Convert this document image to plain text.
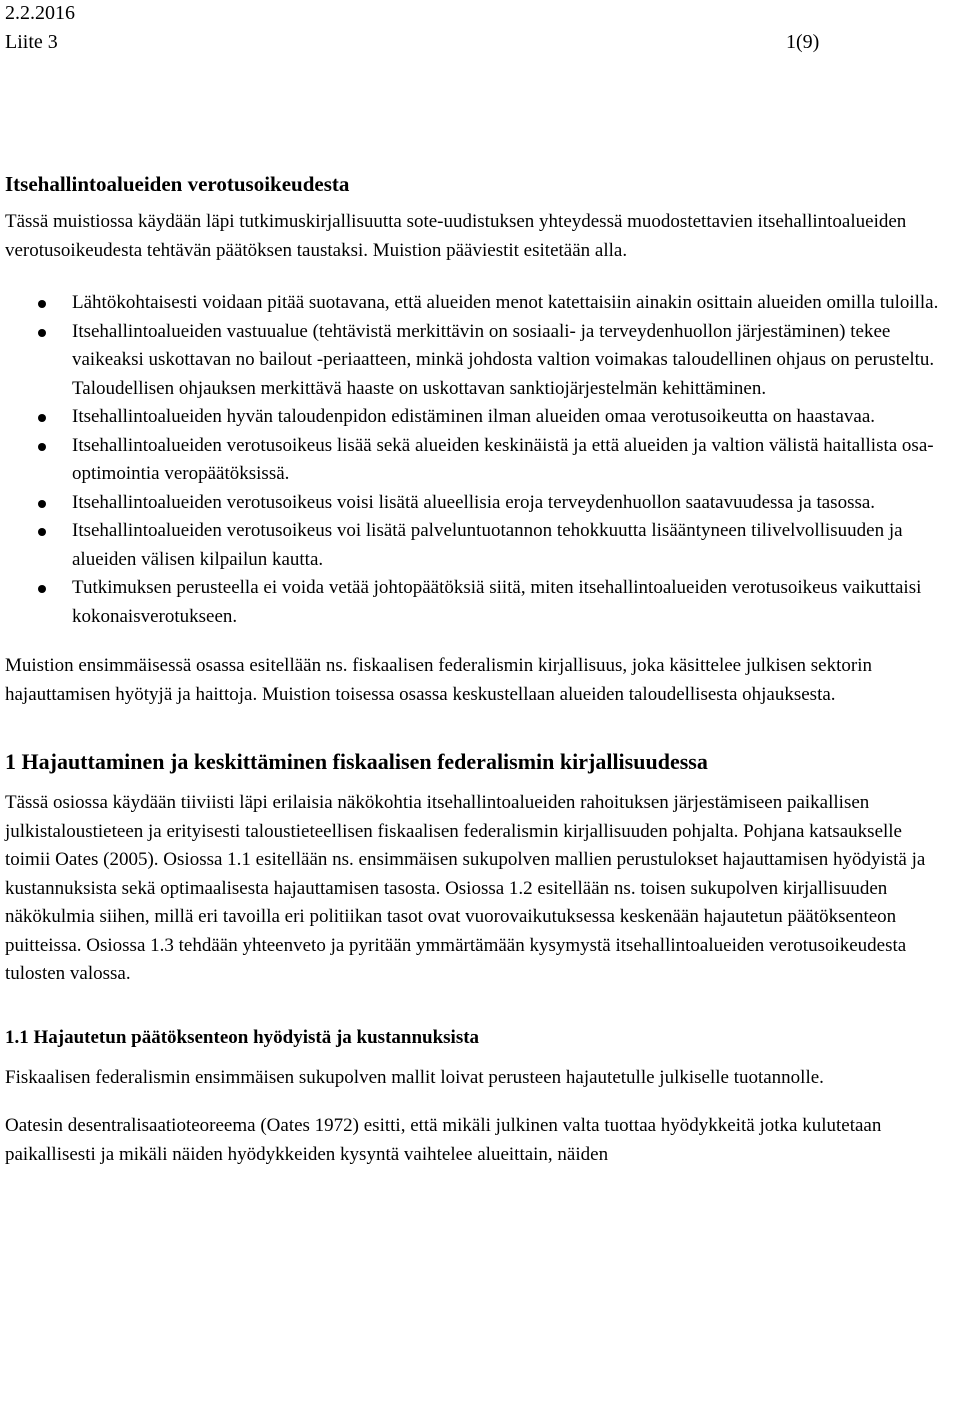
2.2.2016
Liite 3	1(9)
Itsehallintoalueiden verotusoikeudesta

Tässä muistiossa käydään läpi tutkimuskirjallisuutta sote-uudistuksen yhteydessä muodostettavien itsehallintoalueiden verotusoikeudesta tehtävän päätöksen taustaksi. Muistion pääviestit esitetään alla.

Lähtökohtaisesti voidaan pitää suotavana, että alueiden menot katettaisiin ainakin osittain alueiden omilla tuloilla.
Itsehallintoalueiden vastuualue (tehtävistä merkittävin on sosiaali- ja terveydenhuollon järjestäminen) tekee vaikeaksi uskottavan no bailout -periaatteen, minkä johdosta valtion voimakas taloudellinen ohjaus on perusteltu. Taloudellisen ohjauksen merkittävä haaste on uskottavan sanktiojärjestelmän kehittäminen.
Itsehallintoalueiden hyvän taloudenpidon edistäminen ilman alueiden omaa verotusoikeutta on haastavaa.
Itsehallintoalueiden verotusoikeus lisää sekä alueiden keskinäistä ja että alueiden ja valtion välistä haitallista osa-optimointia veropäätöksissä.
Itsehallintoalueiden verotusoikeus voisi lisätä alueellisia eroja terveydenhuollon saatavuudessa ja tasossa.
Itsehallintoalueiden verotusoikeus voi lisätä palveluntuotannon tehokkuutta lisääntyneen tilivelvollisuuden ja alueiden välisen kilpailun kautta.
Tutkimuksen perusteella ei voida vetää johtopäätöksiä siitä, miten itsehallintoalueiden verotusoikeus vaikuttaisi kokonaisverotukseen.

Muistion ensimmäisessä osassa esitellään ns. fiskaalisen federalismin kirjallisuus, joka käsittelee julkisen sektorin hajauttamisen hyötyjä ja haittoja. Muistion toisessa osassa keskustellaan alueiden taloudellisesta ohjauksesta.

1 Hajauttaminen ja keskittäminen fiskaalisen federalismin kirjallisuudessa

Tässä osiossa käydään tiiviisti läpi erilaisia näkökohtia itsehallintoalueiden rahoituksen järjestämiseen paikallisen julkistaloustieteen ja erityisesti taloustieteellisen fiskaalisen federalismin kirjallisuuden pohjalta. Pohjana katsaukselle toimii Oates (2005). Osiossa 1.1 esitellään ns. ensimmäisen sukupolven mallien perustulokset hajauttamisen hyödyistä ja kustannuksista sekä optimaalisesta hajauttamisen tasosta. Osiossa 1.2 esitellään ns. toisen sukupolven kirjallisuuden näkökulmia siihen, millä eri tavoilla eri politiikan tasot ovat vuorovaikutuksessa keskenään hajautetun päätöksenteon puitteissa. Osiossa 1.3 tehdään yhteenveto ja pyritään ymmärtämään kysymystä itsehallintoalueiden verotusoikeudesta tulosten valossa.

1.1 Hajautetun päätöksenteon hyödyistä ja kustannuksista

Fiskaalisen federalismin ensimmäisen sukupolven mallit loivat perusteen hajautetulle julkiselle tuotannolle.

Oatesin desentralisaatioteoreema (Oates 1972) esitti, että mikäli julkinen valta tuottaa hyödykkeitä jotka kulutetaan paikallisesti ja mikäli näiden hyödykkeiden kysyntä vaihtelee alueittain, näiden
